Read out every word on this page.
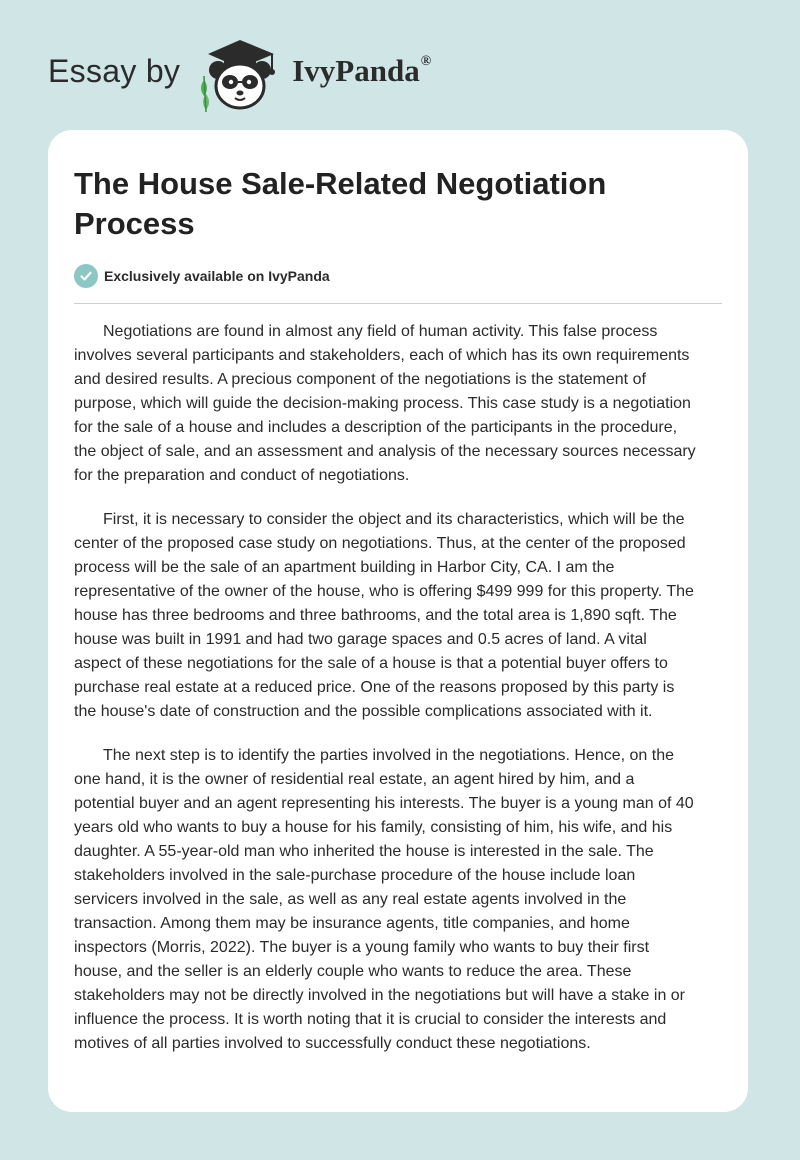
Essay by	IvyPanda®
The House Sale-Related Negotiation Process
Exclusively available on IvyPanda

Negotiations are found in almost any field of human activity. This false process
involves several participants and stakeholders, each of which has its own requirements
and desired results. A precious component of the negotiations is the statement of
purpose, which will guide the decision-making process. This case study is a negotiation
for the sale of a house and includes a description of the participants in the procedure,
the object of sale, and an assessment and analysis of the necessary sources necessary
for the preparation and conduct of negotiations.

First, it is necessary to consider the object and its characteristics, which will be the
center of the proposed case study on negotiations. Thus, at the center of the proposed
process will be the sale of an apartment building in Harbor City, CA. I am the
representative of the owner of the house, who is offering $499 999 for this property. The
house has three bedrooms and three bathrooms, and the total area is 1,890 sqft. The
house was built in 1991 and had two garage spaces and 0.5 acres of land. A vital
aspect of these negotiations for the sale of a house is that a potential buyer offers to
purchase real estate at a reduced price. One of the reasons proposed by this party is
the house's date of construction and the possible complications associated with it.

The next step is to identify the parties involved in the negotiations. Hence, on the
one hand, it is the owner of residential real estate, an agent hired by him, and a
potential buyer and an agent representing his interests. The buyer is a young man of 40
years old who wants to buy a house for his family, consisting of him, his wife, and his
daughter. A 55-year-old man who inherited the house is interested in the sale. The
stakeholders involved in the sale-purchase procedure of the house include loan
servicers involved in the sale, as well as any real estate agents involved in the
transaction. Among them may be insurance agents, title companies, and home
inspectors (Morris, 2022). The buyer is a young family who wants to buy their first
house, and the seller is an elderly couple who wants to reduce the area. These
stakeholders may not be directly involved in the negotiations but will have a stake in or
influence the process. It is worth noting that it is crucial to consider the interests and
motives of all parties involved to successfully conduct these negotiations.
